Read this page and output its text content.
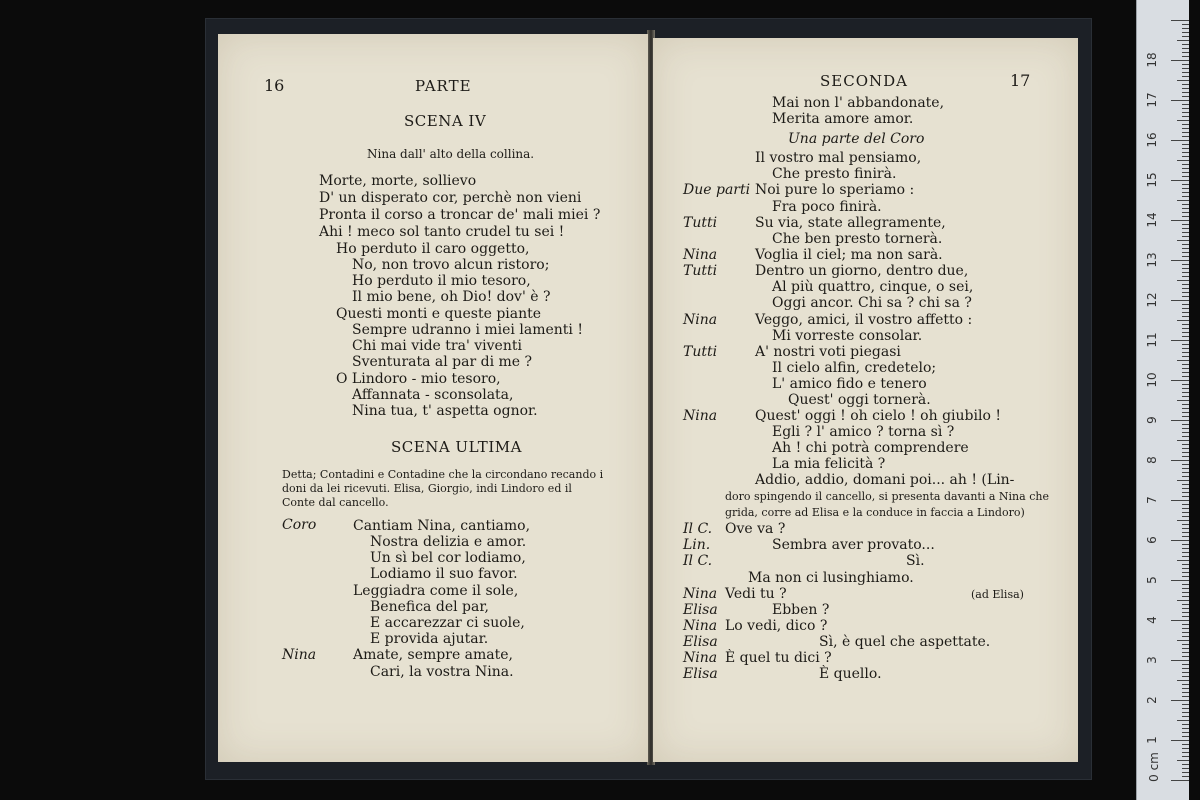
16	PARTE
SCENA IV
Nina dall' alto della collina.
Morte, morte, sollievo
D' un disperato cor, perchè non vieni
Pronta il corso a troncar de' mali miei ?
Ahi ! meco sol tanto crudel tu sei !
Ho perduto il caro oggetto,
No, non trovo alcun ristoro;
Ho perduto il mio tesoro,
Il mio bene, oh Dio! dov' è ?
Questi monti e queste piante
Sempre udranno i miei lamenti !
Chi mai vide tra' viventi
Sventurata al par di me ?
O Lindoro - mio tesoro,
Affannata - sconsolata,
Nina tua, t' aspetta ognor.
SCENA ULTIMA
Detta; Contadini e Contadine che la circondano recando i
doni da lei ricevuti. Elisa, Giorgio, indi Lindoro ed il
Conte dal cancello.
Coro	Cantiam Nina, cantiamo,
Nostra delizia e amor.
Un sì bel cor lodiamo,
Lodiamo il suo favor.
Leggiadra come il sole,
Benefica del par,
E accarezzar ci suole,
E provida ajutar.
Nina	Amate, sempre amate,
Cari, la vostra Nina.
SECONDA	17
Mai non l' abbandonate,
Merita amore amor.
Una parte del Coro
Il vostro mal pensiamo,
Che presto finirà.
Due parti Noi pure lo speriamo :
Fra poco finirà.
Tutti	Su via, state allegramente,
Che ben presto tornerà.
Nina	Voglia il ciel; ma non sarà.
Tutti	Dentro un giorno, dentro due,
Al più quattro, cinque, o sei,
Oggi ancor. Chi sa ? chi sa ?
Nina	Veggo, amici, il vostro affetto :
Mi vorreste consolar.
Tutti	A' nostri voti piegasi
Il cielo alfin, credetelo;
L' amico fido e tenero
Quest' oggi tornerà.
Nina	Quest' oggi ! oh cielo ! oh giubilo !
Egli ? l' amico ? torna sì ?
Ah ! chi potrà comprendere
La mia felicità ?
Addio, addio, domani poi... ah ! (Lin-
doro spingendo il cancello, si presenta davanti a Nina che
grida, corre ad Elisa e la conduce in faccia a Lindoro)
Il C. Ove va ?
Lin.	Sembra aver provato...
Il C.	Sì.
Ma non ci lusinghiamo.
Nina Vedi tu ?	(ad Elisa)
Elisa	Ebben ?
Nina Lo vedi, dico ?
Elisa	Sì, è quel che aspettate.
Nina È quel tu dici ?
Elisa	È quello.
0 cm
1
2
3
4
5
6
7
8
9
10
11
12
13
14
15
16
17
18
